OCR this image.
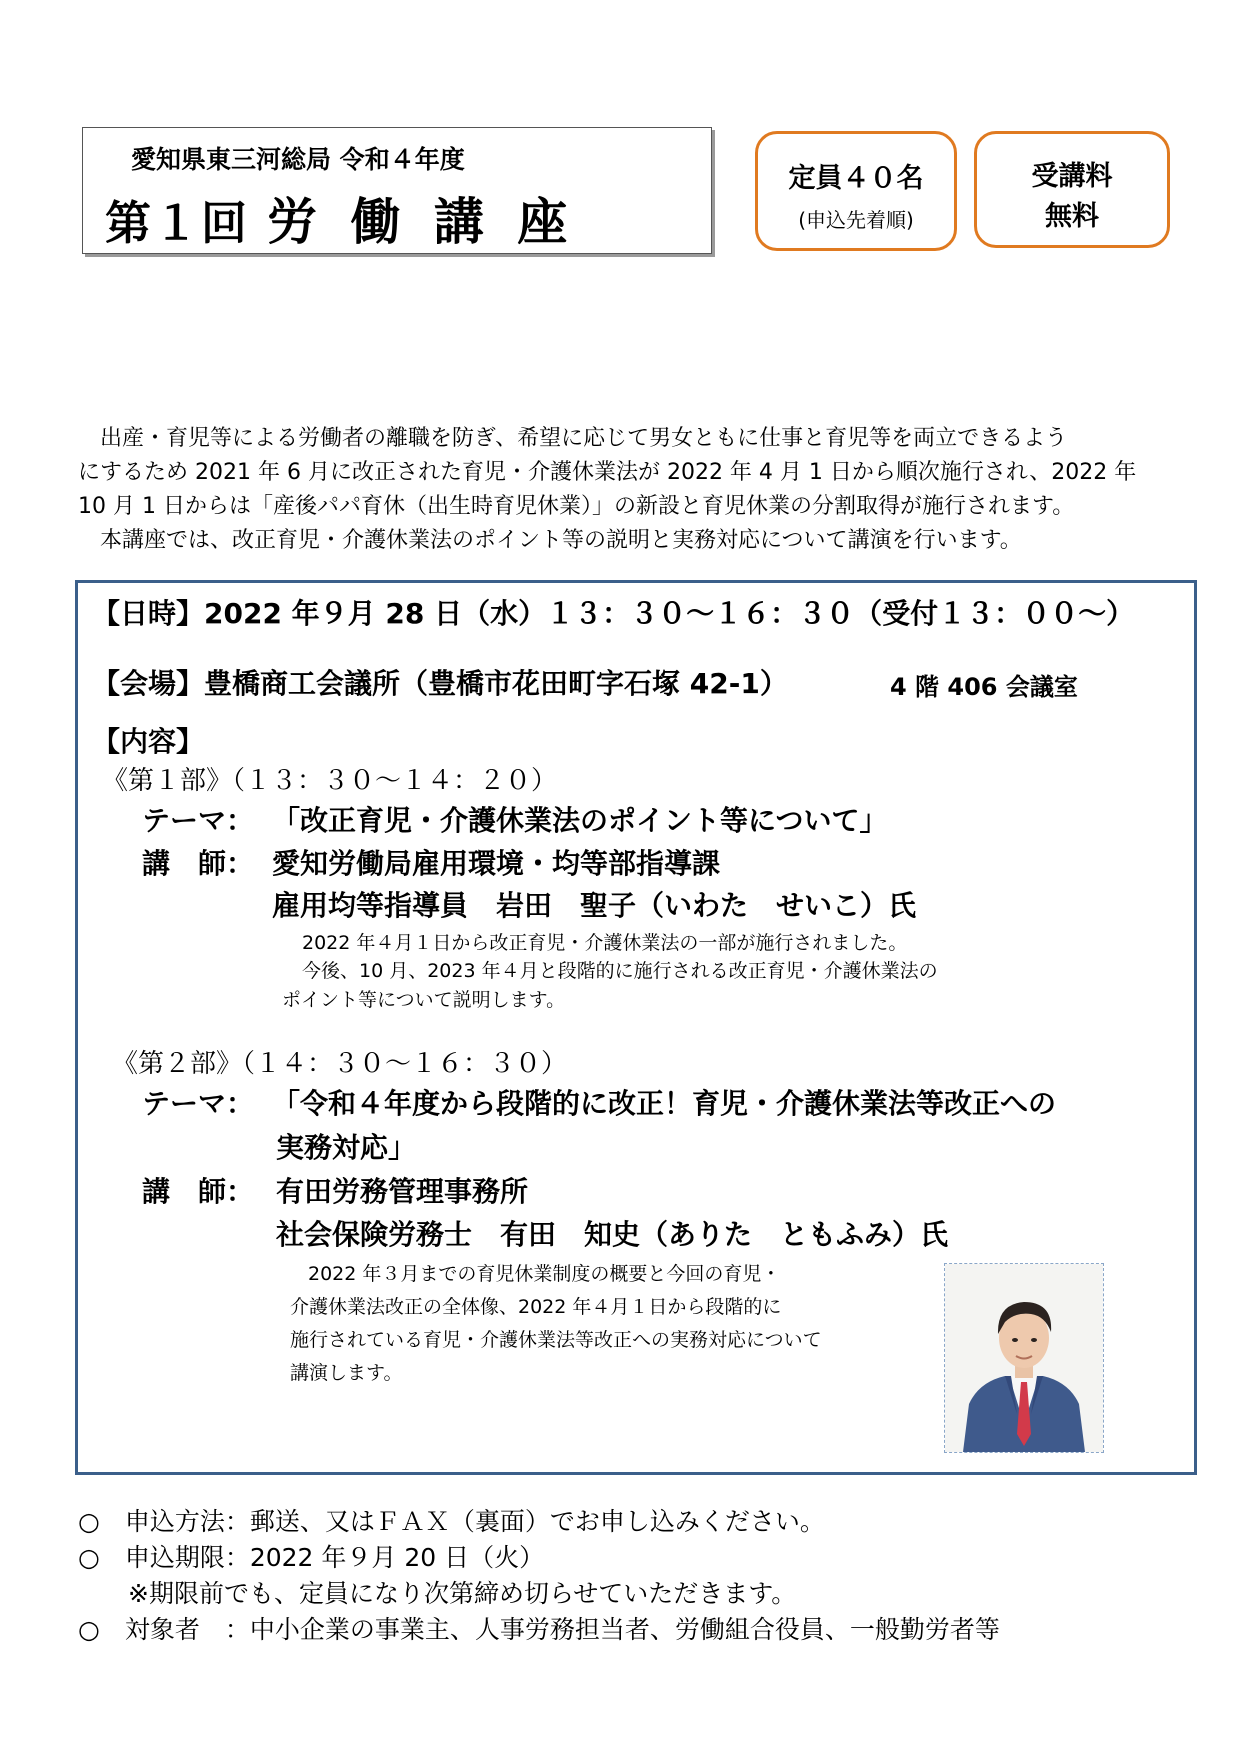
愛知県東三河総局 令和４年度
第１回 労 働 講 座
定員４０名
(申込先着順)
受講料
無料
出産・育児等による労働者の離職を防ぎ、希望に応じて男女ともに仕事と育児等を両立できるよう
にするため 2021 年 6 月に改正された育児・介護休業法が 2022 年 4 月 1 日から順次施行され、2022 年
10 月 1 日からは「産後パパ育休（出生時育児休業）」の新設と育児休業の分割取得が施行されます。
本講座では、改正育児・介護休業法のポイント等の説明と実務対応について講演を行います。
【日時】2022 年９月 28 日（水）１３：３０～１６：３０（受付１３：００～）
【会場】豊橋商工会議所（豊橋市花田町字石塚 42-1）	4 階 406 会議室
【内容】
《第１部》（１３：３０～１４：２０）
テーマ： 「改正育児・介護休業法のポイント等について」
講　師： 愛知労働局雇用環境・均等部指導課
雇用均等指導員　岩田　聖子（いわた　せいこ）氏
2022 年４月１日から改正育児・介護休業法の一部が施行されました。
今後、10 月、2023 年４月と段階的に施行される改正育児・介護休業法の
ポイント等について説明します。
《第２部》（１４：３０～１６：３０）
テーマ： 「令和４年度から段階的に改正！育児・介護休業法等改正への
実務対応」
講　師： 有田労務管理事務所
社会保険労務士　有田　知史（ありた　ともふみ）氏
2022 年３月までの育児休業制度の概要と今回の育児・
介護休業法改正の全体像、2022 年４月１日から段階的に
施行されている育児・介護休業法等改正への実務対応について
講演します。
○　申込方法：郵送、又はＦＡＸ（裏面）でお申し込みください。
○　申込期限：2022 年９月 20 日（火）
　　※期限前でも、定員になり次第締め切らせていただきます。
○　対象者　：中小企業の事業主、人事労務担当者、労働組合役員、一般勤労者等
